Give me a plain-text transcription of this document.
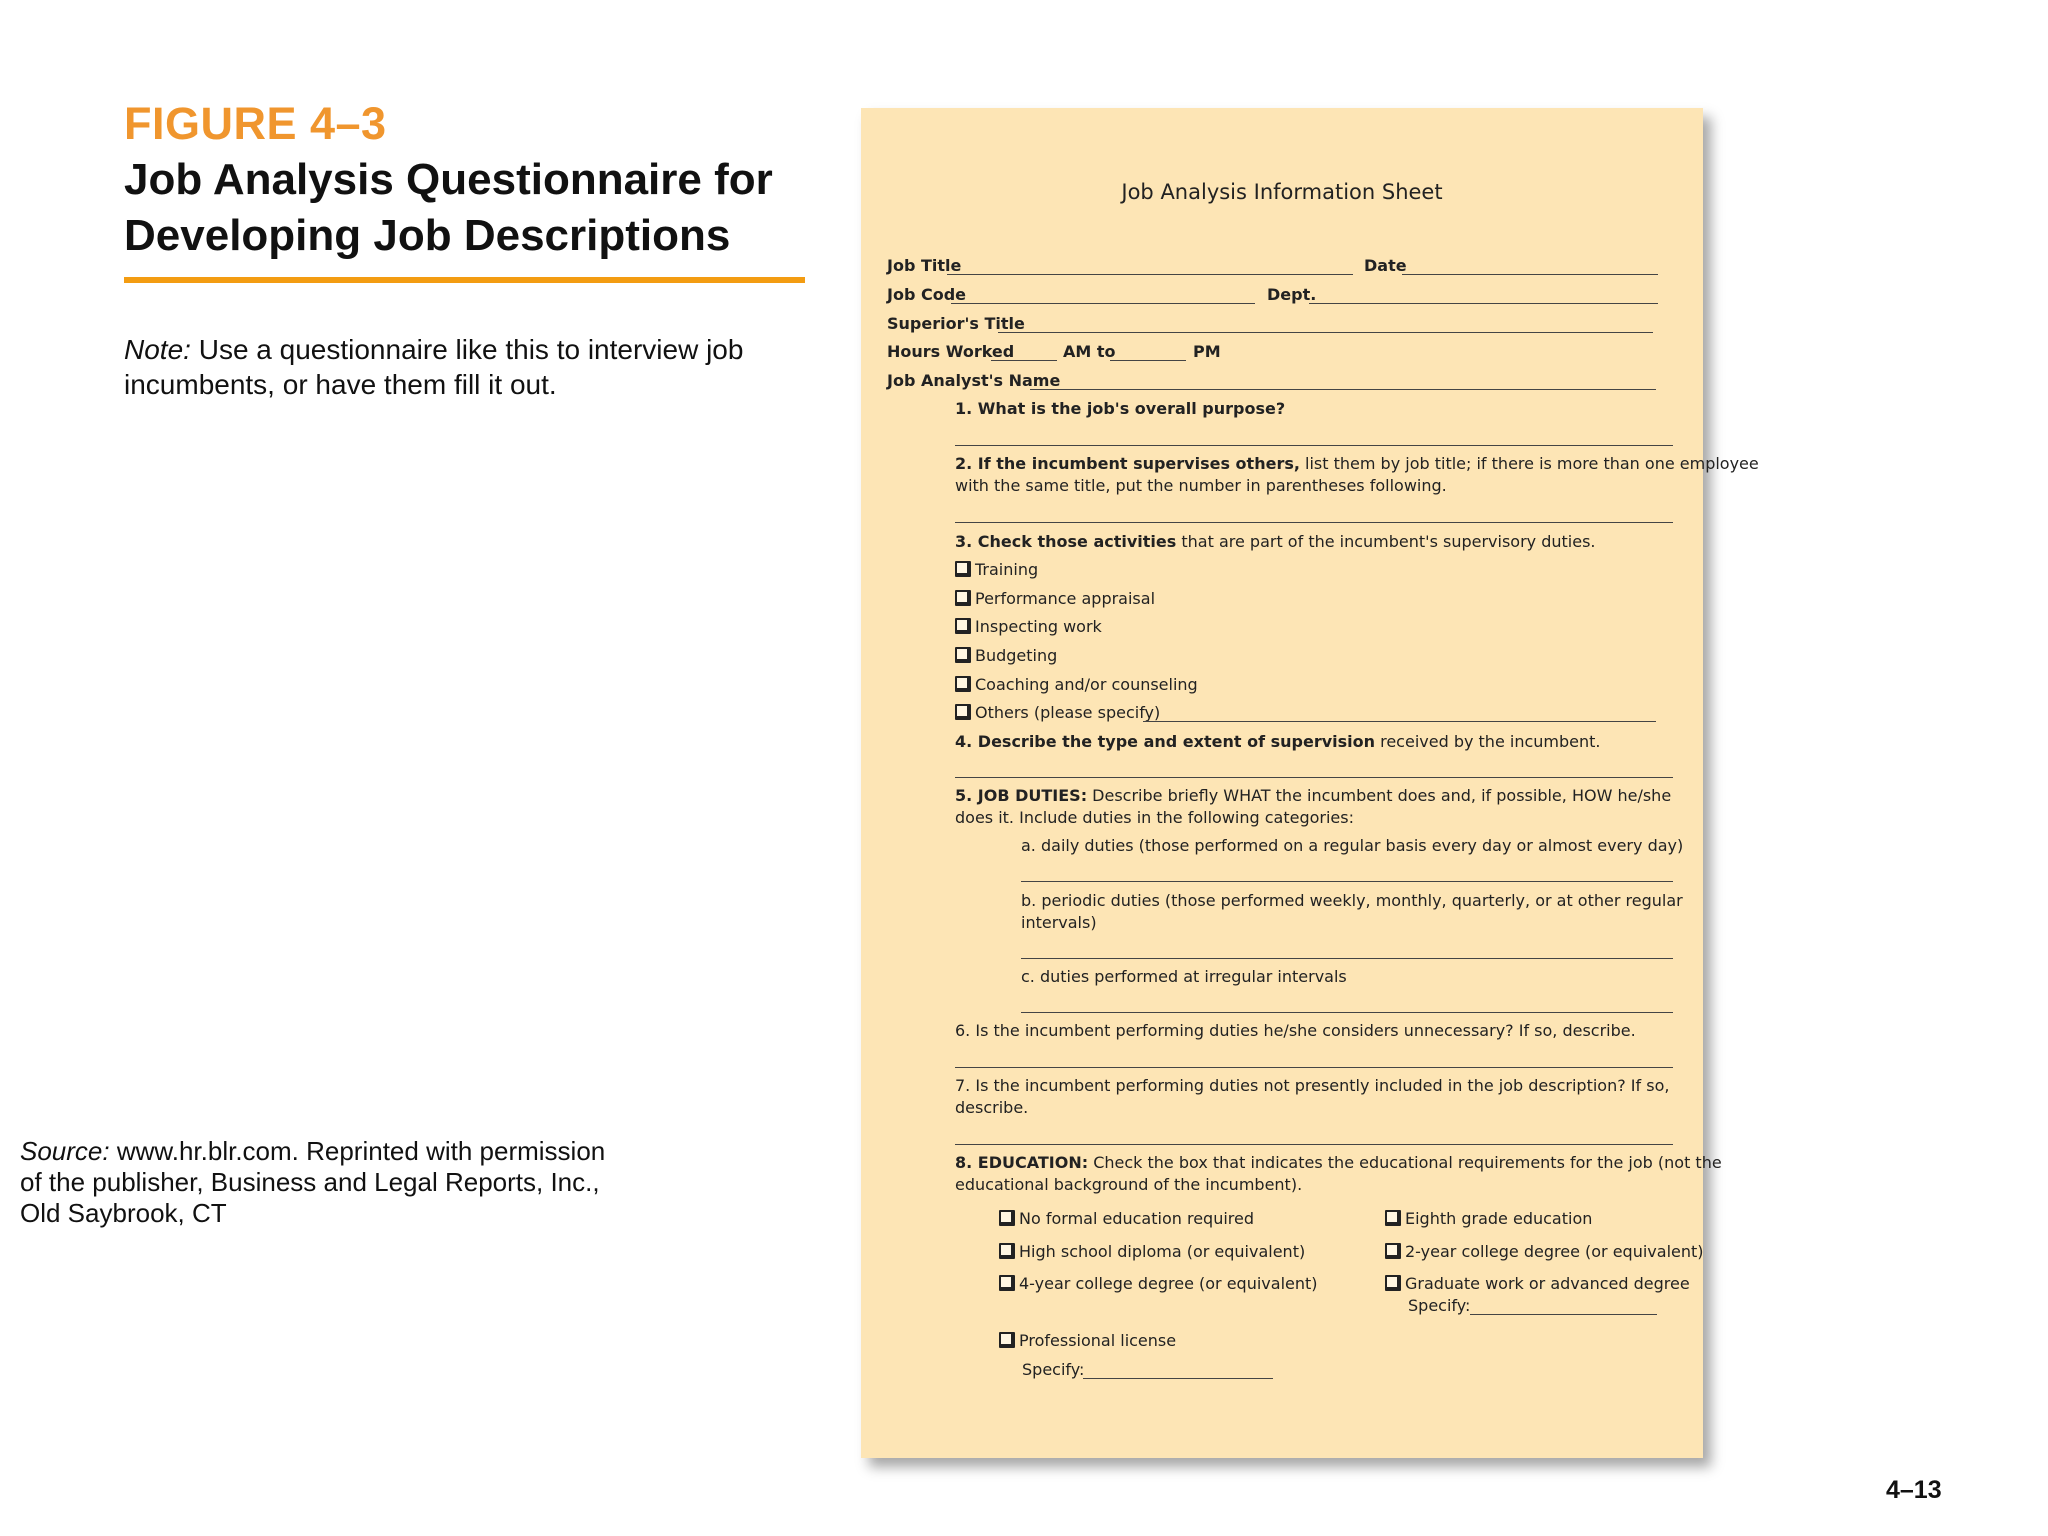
FIGURE 4–3
Job Analysis Questionnaire for Developing Job Descriptions
Note: Use a questionnaire like this to interview job incumbents, or have them fill it out.
Source: www.hr.blr.com. Reprinted with permission of the publisher, Business and Legal Reports, Inc., Old Saybrook, CT
4–13
Job Analysis Information Sheet
Job Title	Date
Job Code	Dept.
Superior's Title
Hours Worked	AM to	PM
Job Analyst's Name
1. What is the job's overall purpose?
2. If the incumbent supervises others, list them by job title; if there is more than one employee
with the same title, put the number in parentheses following.
3. Check those activities that are part of the incumbent's supervisory duties.
Training
Performance appraisal
Inspecting work
Budgeting
Coaching and/or counseling
Others (please specify)
4. Describe the type and extent of supervision received by the incumbent.
5. JOB DUTIES: Describe briefly WHAT the incumbent does and, if possible, HOW he/she
does it. Include duties in the following categories:
a. daily duties (those performed on a regular basis every day or almost every day)
b. periodic duties (those performed weekly, monthly, quarterly, or at other regular
intervals)
c. duties performed at irregular intervals
6. Is the incumbent performing duties he/she considers unnecessary? If so, describe.
7. Is the incumbent performing duties not presently included in the job description? If so,
describe.
8. EDUCATION: Check the box that indicates the educational requirements for the job (not the
educational background of the incumbent).
No formal education required
High school diploma (or equivalent)
4-year college degree (or equivalent)
Eighth grade education
2-year college degree (or equivalent)
Graduate work or advanced degree
Specify:
Professional license
Specify:
